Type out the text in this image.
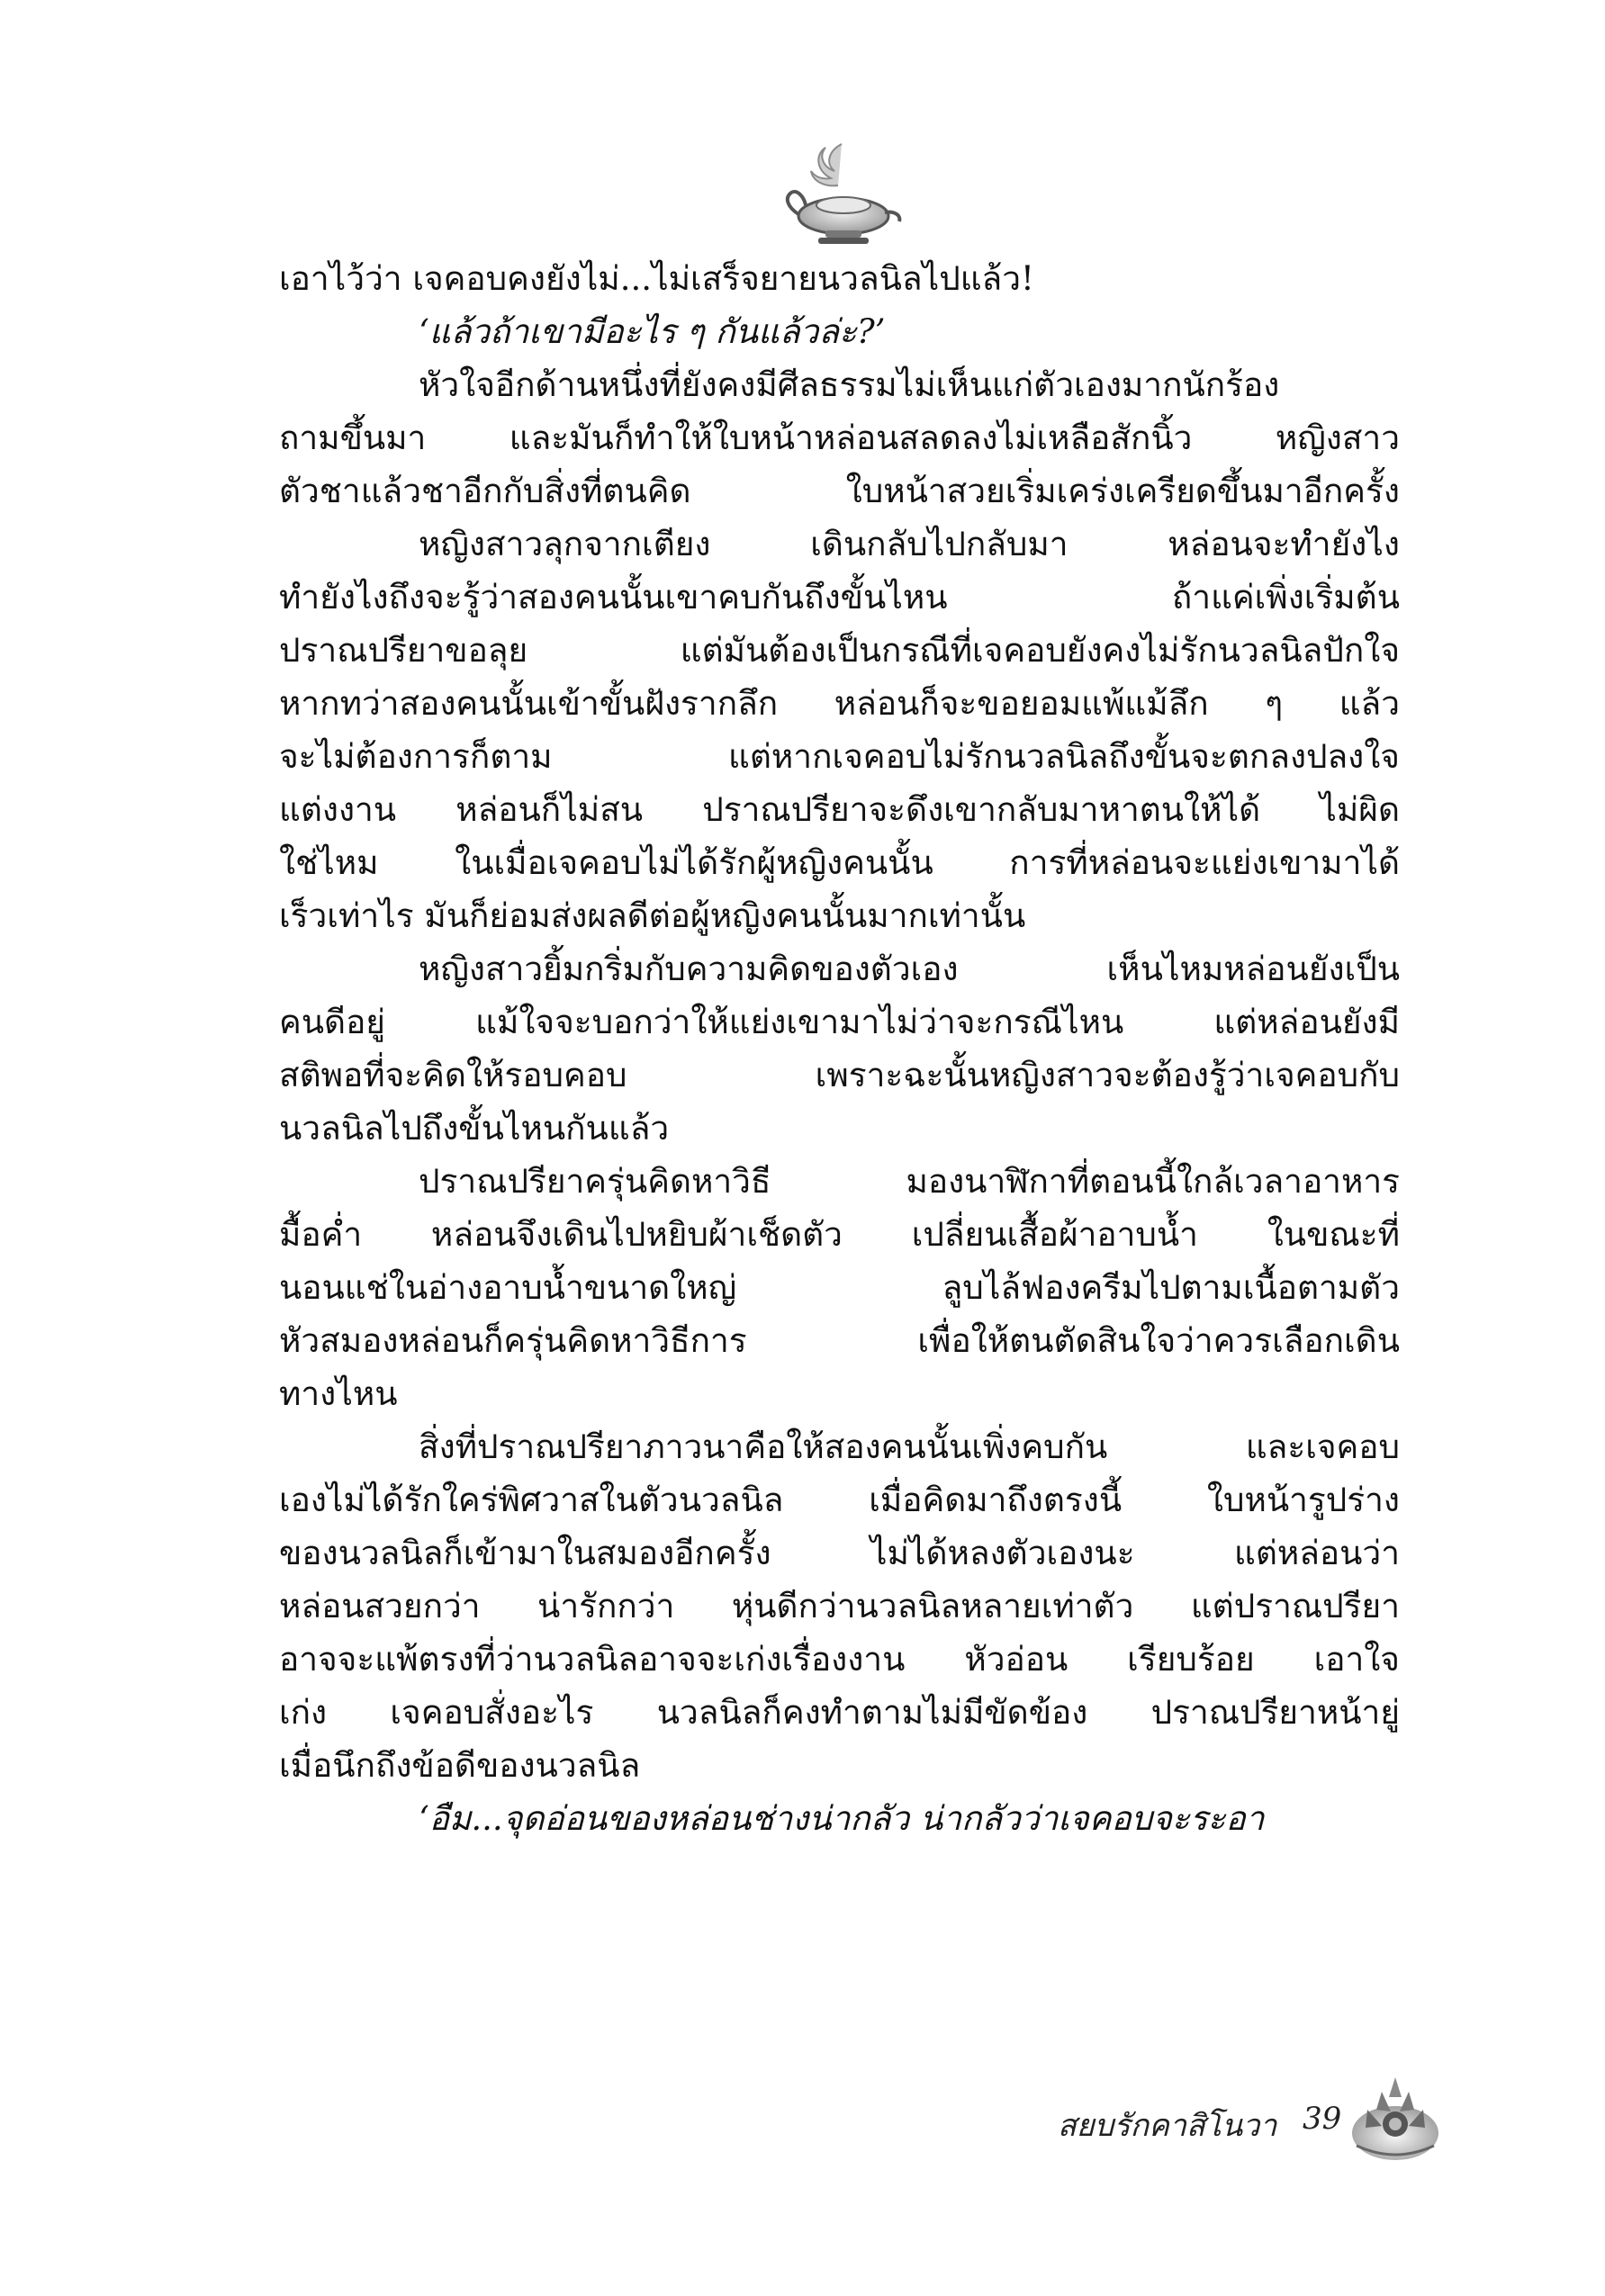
เอาไว้ว่า เจคอบคงยังไม่...ไม่เสร็จยายนวลนิลไปแล้ว!
‘แล้วถ้าเขามีอะไร ๆ กันแล้วล่ะ?’
หัวใจอีกด้านหนึ่งที่ยังคงมีศีลธรรมไม่เห็นแก่ตัวเองมากนักร้อง
ถามขึ้นมา และมันก็ทำให้ใบหน้าหล่อนสลดลงไม่เหลือสักนิ้ว หญิงสาว
ตัวชาแล้วชาอีกกับสิ่งที่ตนคิด ใบหน้าสวยเริ่มเคร่งเครียดขึ้นมาอีกครั้ง
หญิงสาวลุกจากเตียง เดินกลับไปกลับมา หล่อนจะทำยังไง
ทำยังไงถึงจะรู้ว่าสองคนนั้นเขาคบกันถึงขั้นไหน ถ้าแค่เพิ่งเริ่มต้น
ปราณปรียาขอลุย แต่มันต้องเป็นกรณีที่เจคอบยังคงไม่รักนวลนิลปักใจ
หากทว่าสองคนนั้นเข้าขั้นฝังรากลึก หล่อนก็จะขอยอมแพ้แม้ลึก ๆ แล้ว
จะไม่ต้องการก็ตาม แต่หากเจคอบไม่รักนวลนิลถึงขั้นจะตกลงปลงใจ
แต่งงาน หล่อนก็ไม่สน ปราณปรียาจะดึงเขากลับมาหาตนให้ได้ ไม่ผิด
ใช่ไหม ในเมื่อเจคอบไม่ได้รักผู้หญิงคนนั้น การที่หล่อนจะแย่งเขามาได้
เร็วเท่าไร มันก็ย่อมส่งผลดีต่อผู้หญิงคนนั้นมากเท่านั้น
หญิงสาวยิ้มกริ่มกับความคิดของตัวเอง เห็นไหมหล่อนยังเป็น
คนดีอยู่ แม้ใจจะบอกว่าให้แย่งเขามาไม่ว่าจะกรณีไหน แต่หล่อนยังมี
สติพอที่จะคิดให้รอบคอบ เพราะฉะนั้นหญิงสาวจะต้องรู้ว่าเจคอบกับ
นวลนิลไปถึงขั้นไหนกันแล้ว
ปราณปรียาครุ่นคิดหาวิธี มองนาฬิกาที่ตอนนี้ใกล้เวลาอาหาร
มื้อค่ำ หล่อนจึงเดินไปหยิบผ้าเช็ดตัว เปลี่ยนเสื้อผ้าอาบน้ำ ในขณะที่
นอนแช่ในอ่างอาบน้ำขนาดใหญ่ ลูบไล้ฟองครีมไปตามเนื้อตามตัว
หัวสมองหล่อนก็ครุ่นคิดหาวิธีการ เพื่อให้ตนตัดสินใจว่าควรเลือกเดิน
ทางไหน
สิ่งที่ปราณปรียาภาวนาคือให้สองคนนั้นเพิ่งคบกัน และเจคอบ
เองไม่ได้รักใคร่พิศวาสในตัวนวลนิล เมื่อคิดมาถึงตรงนี้ ใบหน้ารูปร่าง
ของนวลนิลก็เข้ามาในสมองอีกครั้ง ไม่ได้หลงตัวเองนะ แต่หล่อนว่า
หล่อนสวยกว่า น่ารักกว่า หุ่นดีกว่านวลนิลหลายเท่าตัว แต่ปราณปรียา
อาจจะแพ้ตรงที่ว่านวลนิลอาจจะเก่งเรื่องงาน หัวอ่อน เรียบร้อย เอาใจ
เก่ง เจคอบสั่งอะไร นวลนิลก็คงทำตามไม่มีขัดข้อง ปราณปรียาหน้ายู่
เมื่อนึกถึงข้อดีของนวลนิล
‘อืม...จุดอ่อนของหล่อนช่างน่ากลัว น่ากลัวว่าเจคอบจะระอา
สยบรักคาสิโนวา 39
